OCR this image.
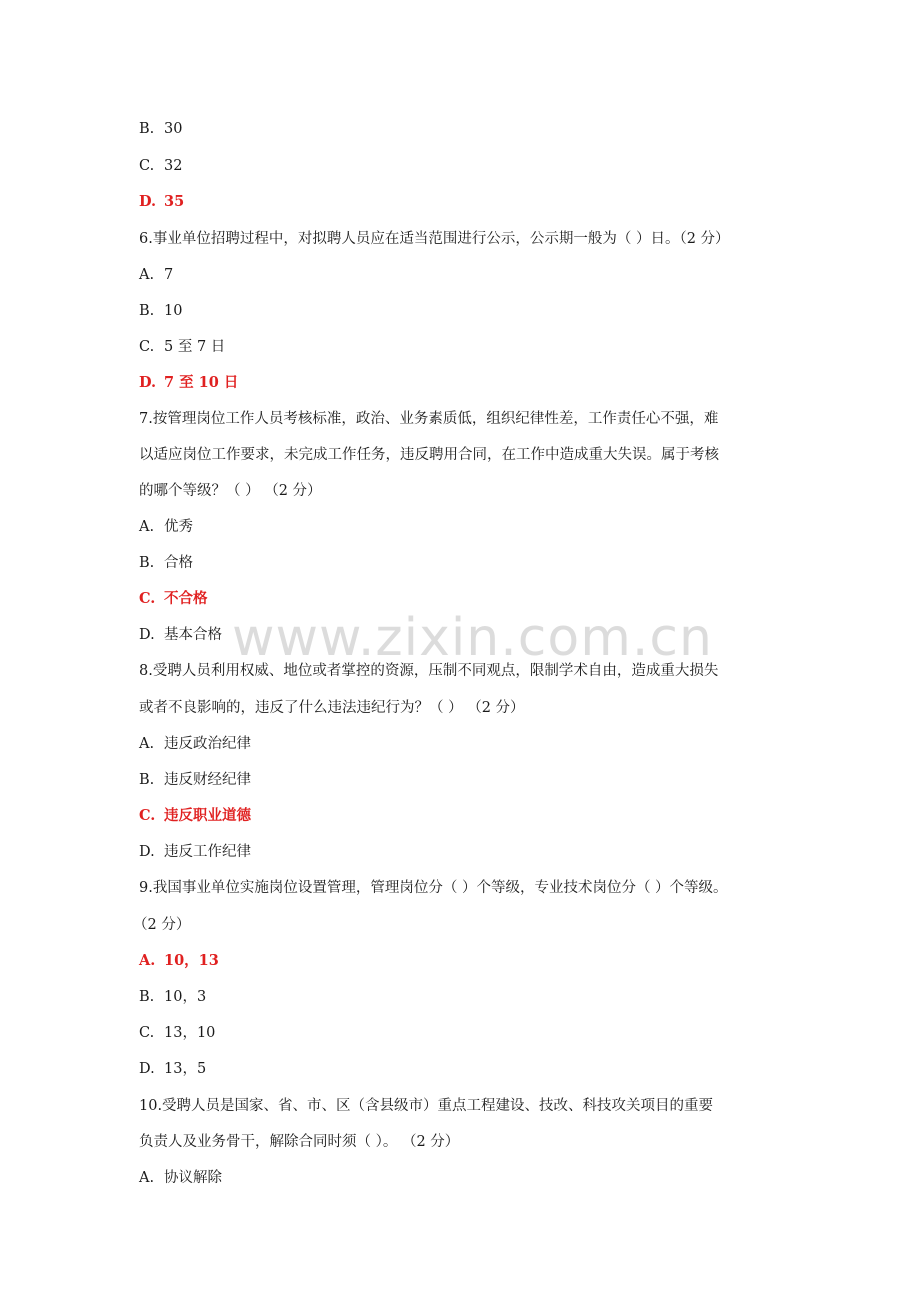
B. 30
C. 32
D. 35
6.事业单位招聘过程中，对拟聘人员应在适当范围进行公示，公示期一般为（ ）日。（2 分）
A. 7
B. 10
C. 5 至 7 日
D. 7 至 10 日
7.按管理岗位工作人员考核标准，政治、业务素质低，组织纪律性差，工作责任心不强，难
以适应岗位工作要求，未完成工作任务，违反聘用合同，在工作中造成重大失误。属于考核
的哪个等级？（ ） （2 分）
A. 优秀
B. 合格
C. 不合格
D. 基本合格 www.zixin.com.cn
8.受聘人员利用权威、地位或者掌控的资源，压制不同观点，限制学术自由，造成重大损失
或者不良影响的，违反了什么违法违纪行为？（ ） （2 分）
A. 违反政治纪律
B. 违反财经纪律
C. 违反职业道德
D. 违反工作纪律
9.我国事业单位实施岗位设置管理，管理岗位分（ ）个等级，专业技术岗位分（ ）个等级。
（2 分）
A. 10，13
B. 10，3
C. 13，10
D. 13，5
10.受聘人员是国家、省、市、区（含县级市）重点工程建设、技改、科技攻关项目的重要
负责人及业务骨干，解除合同时须（ ）。 （2 分）
A. 协议解除
